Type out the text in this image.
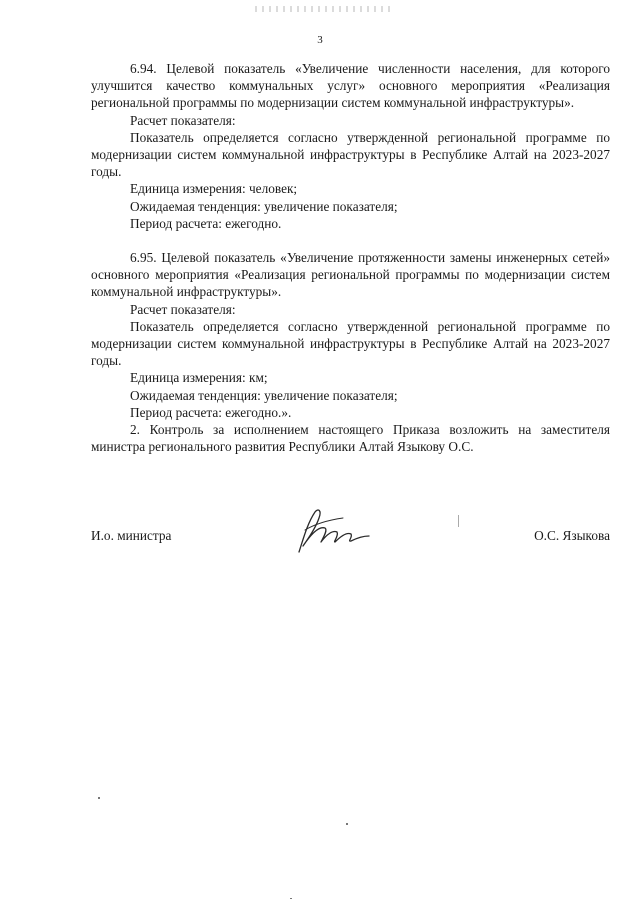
3

6.94. Целевой показатель «Увеличение численности населения, для которого улучшится качество коммунальных услуг» основного мероприятия «Реализация региональной программы по модернизации систем коммунальной инфраструктуры».

Расчет показателя:

Показатель определяется согласно утвержденной региональной программе по модернизации систем коммунальной инфраструктуры в Республике Алтай на 2023-2027 годы.

Единица измерения: человек;

Ожидаемая тенденция: увеличение показателя;

Период расчета: ежегодно.

6.95. Целевой показатель «Увеличение протяженности замены инженерных сетей» основного мероприятия «Реализация региональной программы по модернизации систем коммунальной инфраструктуры».

Расчет показателя:

Показатель определяется согласно утвержденной региональной программе по модернизации систем коммунальной инфраструктуры в Республике Алтай на 2023-2027 годы.

Единица измерения: км;

Ожидаемая тенденция: увеличение показателя;

Период расчета: ежегодно.».

2. Контроль за исполнением настоящего Приказа возложить на заместителя министра регионального развития Республики Алтай Языкову О.С.

И.о. министра	О.С. Языкова
